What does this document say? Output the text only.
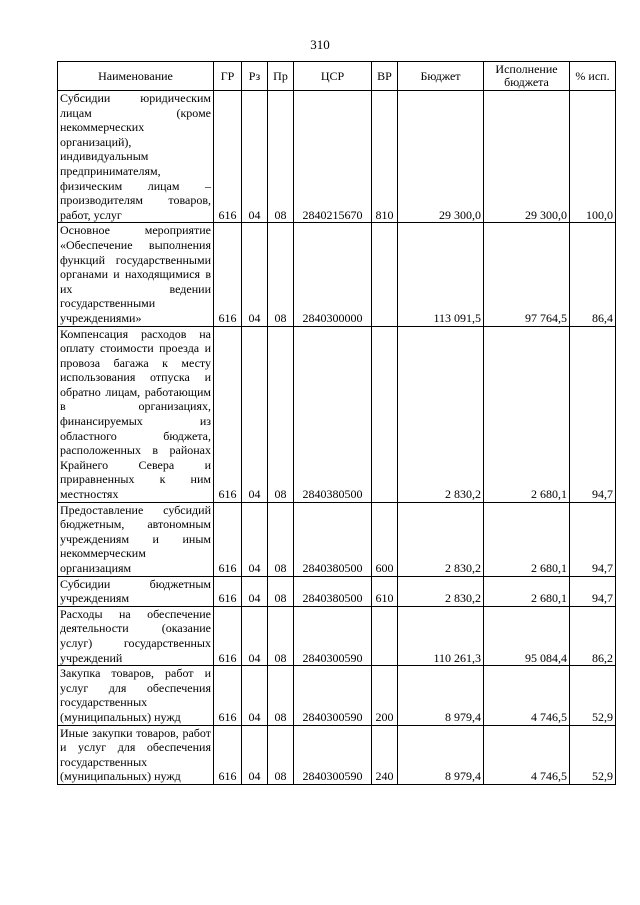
310
Наименование	ГР	Рз	Пр	ЦСР	ВР	Бюджет	Исполнение бюджета	% исп.
Субсидии юридическим лицам (кроме некоммерческих организаций), индивидуальным предпринимателям, физическим лицам – производителям товаров, работ, услуг	616	04	08	2840215670	810	29 300,0	29 300,0	100,0
Основное мероприятие «Обеспечение выполнения функций государственными органами и находящимися в их ведении государственными учреждениями»	616	04	08	2840300000		113 091,5	97 764,5	86,4
Компенсация расходов на оплату стоимости проезда и провоза багажа к месту использования отпуска и обратно лицам, работающим в организациях, финансируемых из областного бюджета, расположенных в районах Крайнего Севера и приравненных к ним местностях	616	04	08	2840380500		2 830,2	2 680,1	94,7
Предоставление субсидий бюджетным, автономным учреждениям и иным некоммерческим организациям	616	04	08	2840380500	600	2 830,2	2 680,1	94,7
Субсидии бюджетным учреждениям	616	04	08	2840380500	610	2 830,2	2 680,1	94,7
Расходы на обеспечение деятельности (оказание услуг) государственных учреждений	616	04	08	2840300590		110 261,3	95 084,4	86,2
Закупка товаров, работ и услуг для обеспечения государственных (муниципальных) нужд	616	04	08	2840300590	200	8 979,4	4 746,5	52,9
Иные закупки товаров, работ и услуг для обеспечения государственных (муниципальных) нужд	616	04	08	2840300590	240	8 979,4	4 746,5	52,9
